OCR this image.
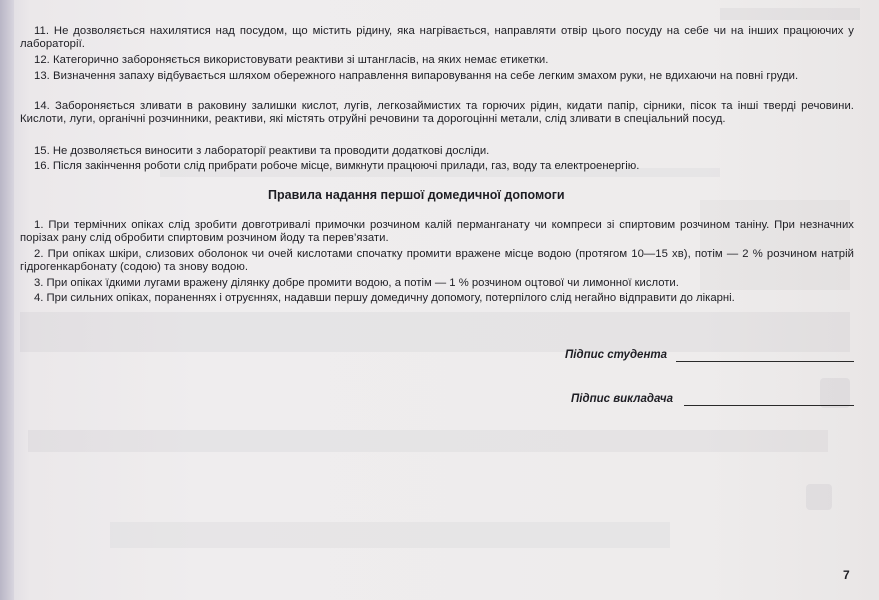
11. Не дозволяється нахилятися над посудом, що містить рідину, яка нагрівається, направляти отвір цього посуду на себе чи на інших працюючих у лабораторії.
12. Категорично забороняється використовувати реактиви зі штангласів, на яких немає етикетки.
13. Визначення запаху відбувається шляхом обережного направлення випаровування на себе легким змахом руки, не вдихаючи на повні груди.
14. Забороняється зливати в раковину залишки кислот, лугів, легкозаймистих та горючих рідин, кидати папір, сірники, пісок та інші тверді речовини. Кислоти, луги, органічні розчинники, реактиви, які містять отруйні речовини та дорогоцінні метали, слід зливати в спеціальний посуд.
15. Не дозволяється виносити з лабораторії реактиви та проводити додаткові досліди.
16. Після закінчення роботи слід прибрати робоче місце, вимкнути працюючі прилади, газ, воду та електроенергію.
Правила надання першої домедичної допомоги
1. При термічних опіках слід зробити довготривалі примочки розчином калій перманганату чи компреси зі спиртовим розчином таніну. При незначних порізах рану слід обробити спиртовим розчином йоду та перев’язати.
2. При опіках шкіри, слизових оболонок чи очей кислотами спочатку промити вражене місце водою (протягом 10—15 хв), потім — 2 % розчином натрій гідрогенкарбонату (содою) та знову водою.
3. При опіках їдкими лугами вражену ділянку добре промити водою, а потім — 1 % розчином оцтової чи лимонної кислоти.
4. При сильних опіках, пораненнях і отруєннях, надавши першу домедичну допомогу, потерпілого слід негайно відправити до лікарні.
Підпис студента
Підпис викладача
7
